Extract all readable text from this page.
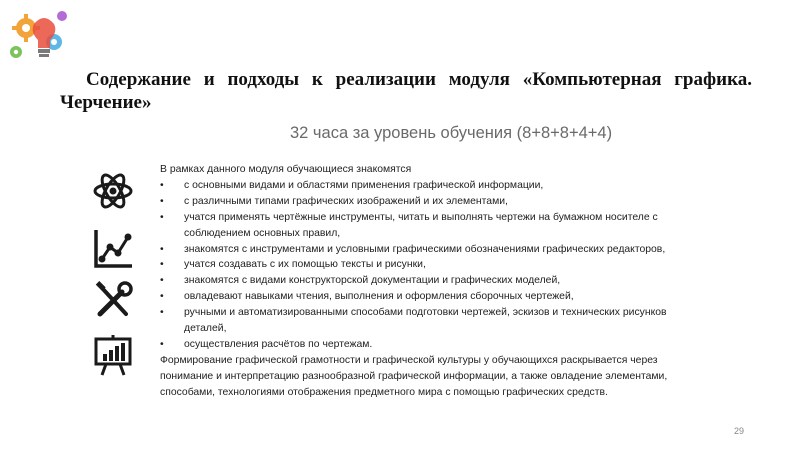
Содержание и подходы к реализации модуля «Компьютерная графика. Черчение»
32 часа за уровень обучения (8+8+8+4+4)

В рамках данного модуля обучающиеся знакомятся

• с основными видами и областями применения графической информации,
• с различными типами графических изображений и их элементами,
• учатся применять чертёжные инструменты, читать и выполнять чертежи на бумажном носителе с соблюдением основных правил,
• знакомятся с инструментами и условными графическими обозначениями графических редакторов,
• учатся создавать с их помощью тексты и рисунки,
• знакомятся с видами конструкторской документации и графических моделей,
• овладевают навыками чтения, выполнения и оформления сборочных чертежей,
• ручными и автоматизированными способами подготовки чертежей, эскизов и технических рисунков деталей,
• осуществления расчётов по чертежам.

Формирование графической грамотности и графической культуры у обучающихся раскрывается через понимание и интерпретацию разнообразной графической информации, а также овладение элементами, способами, технологиями отображения предметного мира с помощью графических средств.

29
